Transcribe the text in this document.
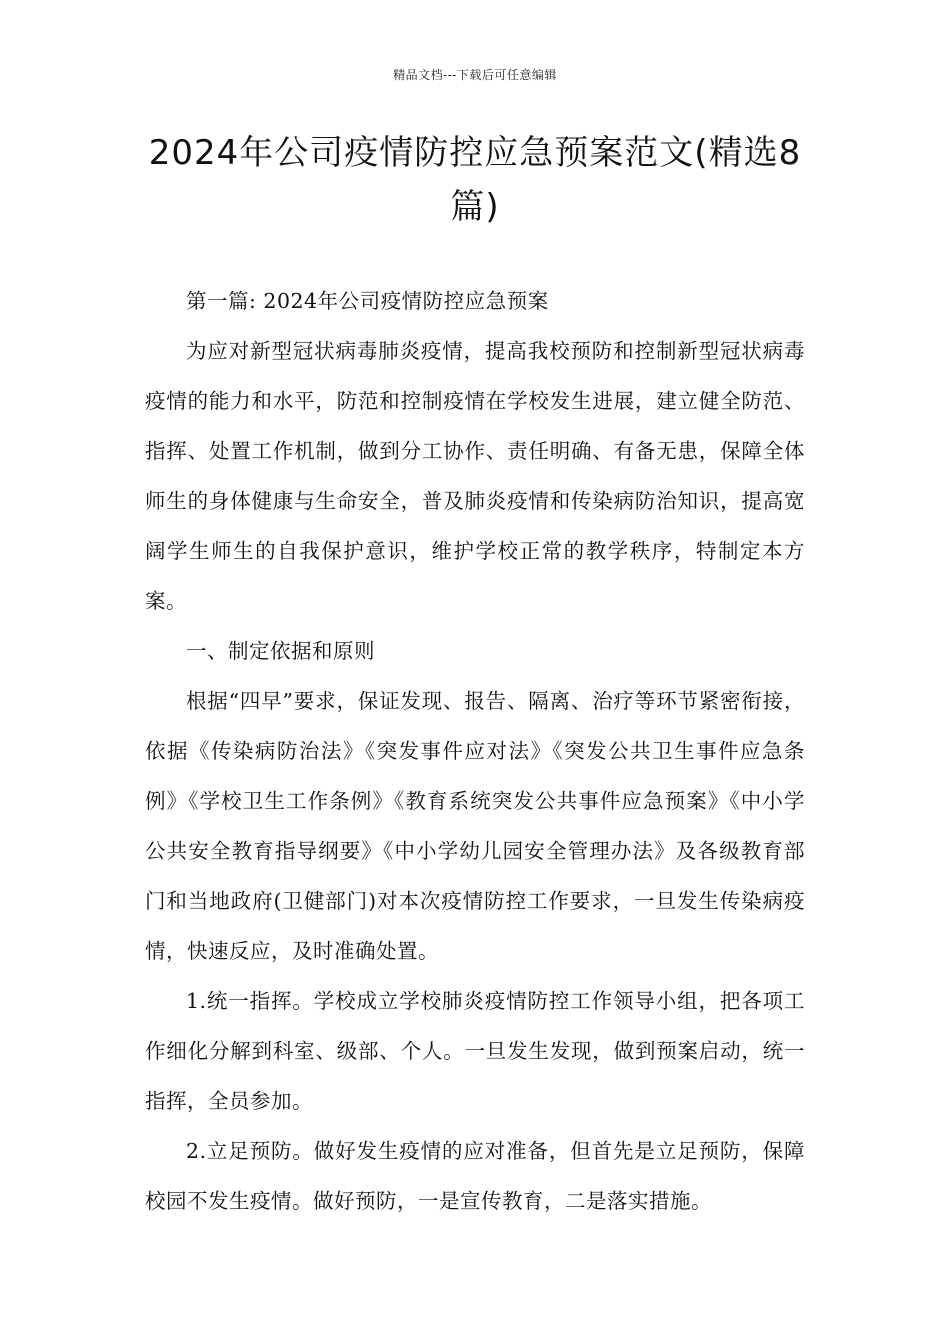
精品文档---下载后可任意编辑
2024年公司疫情防控应急预案范文(精选8篇)

第一篇: 2024年公司疫情防控应急预案

为应对新型冠状病毒肺炎疫情，提高我校预防和控制新型冠状病毒疫情的能力和水平，防范和控制疫情在学校发生进展，建立健全防范、指挥、处置工作机制，做到分工协作、责任明确、有备无患，保障全体师生的身体健康与生命安全，普及肺炎疫情和传染病防治知识，提高宽阔学生师生的自我保护意识，维护学校正常的教学秩序，特制定本方案。

一、制定依据和原则

根据“四早”要求，保证发现、报告、隔离、治疗等环节紧密衔接，依据《传染病防治法》《突发事件应对法》《突发公共卫生事件应急条例》《学校卫生工作条例》《教育系统突发公共事件应急预案》《中小学公共安全教育指导纲要》《中小学幼儿园安全管理办法》及各级教育部门和当地政府(卫健部门)对本次疫情防控工作要求，一旦发生传染病疫情，快速反应，及时准确处置。

1.统一指挥。学校成立学校肺炎疫情防控工作领导小组，把各项工作细化分解到科室、级部、个人。一旦发生发现，做到预案启动，统一指挥，全员参加。

2.立足预防。做好发生疫情的应对准备，但首先是立足预防，保障校园不发生疫情。做好预防，一是宣传教育，二是落实措施。
